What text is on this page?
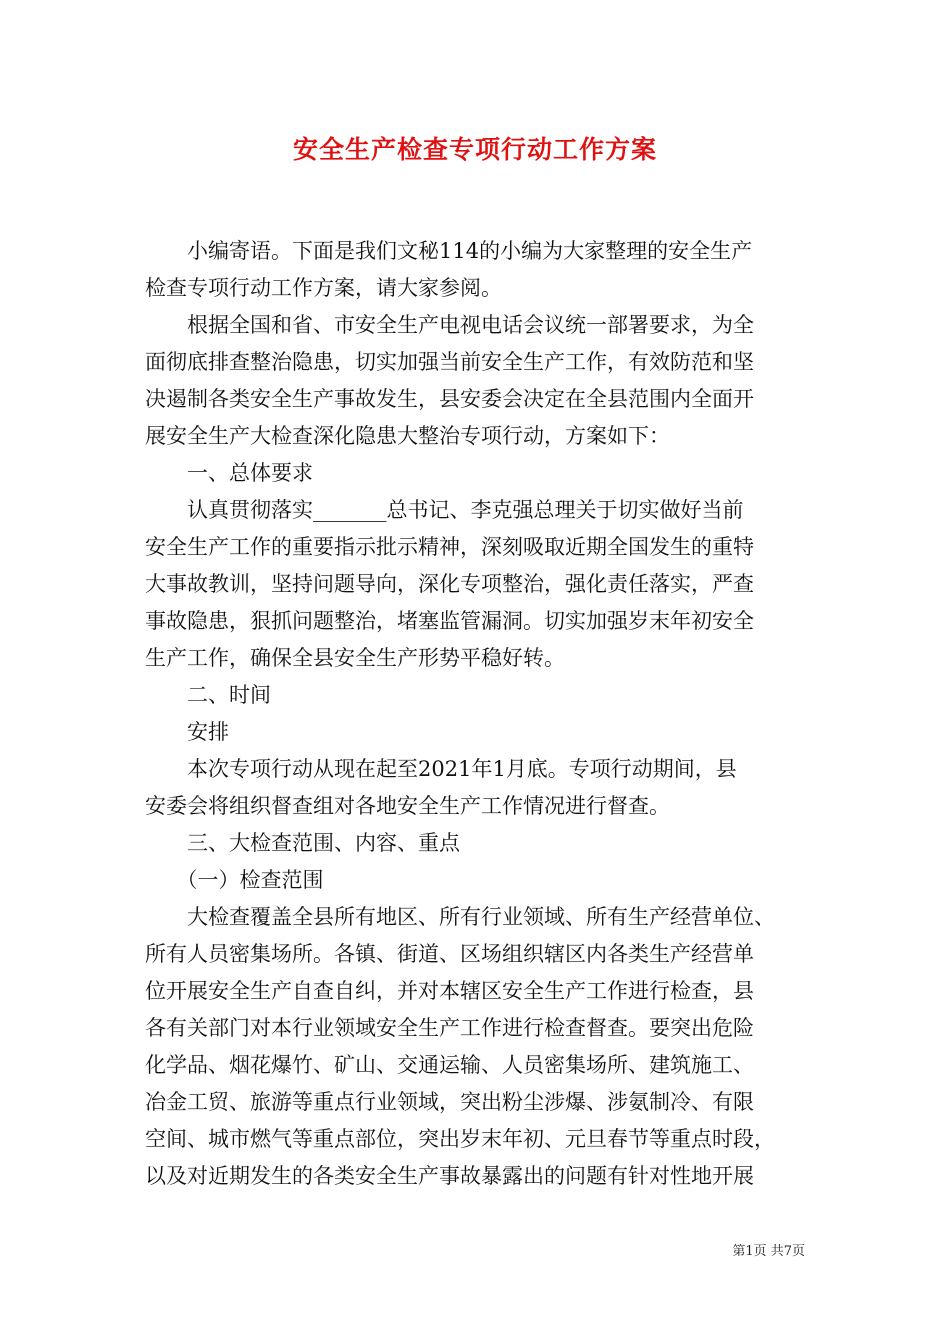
安全生产检查专项行动工作方案
　　小编寄语。下面是我们文秘114的小编为大家整理的安全生产
检查专项行动工作方案，请大家参阅。
　　根据全国和省、市安全生产电视电话会议统一部署要求，为全
面彻底排查整治隐患，切实加强当前安全生产工作，有效防范和坚
决遏制各类安全生产事故发生，县安委会决定在全县范围内全面开
展安全生产大检查深化隐患大整治专项行动，方案如下：
　　一、总体要求
　　认真贯彻落实_______总书记、李克强总理关于切实做好当前
安全生产工作的重要指示批示精神，深刻吸取近期全国发生的重特
大事故教训，坚持问题导向，深化专项整治，强化责任落实，严查
事故隐患，狠抓问题整治，堵塞监管漏洞。切实加强岁末年初安全
生产工作，确保全县安全生产形势平稳好转。
　　二、时间
　　安排
　　本次专项行动从现在起至2021年1月底。专项行动期间，县
安委会将组织督查组对各地安全生产工作情况进行督查。
　　三、大检查范围、内容、重点
　　（一）检查范围
　　大检查覆盖全县所有地区、所有行业领域、所有生产经营单位、
所有人员密集场所。各镇、街道、区场组织辖区内各类生产经营单
位开展安全生产自查自纠，并对本辖区安全生产工作进行检查，县
各有关部门对本行业领域安全生产工作进行检查督查。要突出危险
化学品、烟花爆竹、矿山、交通运输、人员密集场所、建筑施工、
冶金工贸、旅游等重点行业领域，突出粉尘涉爆、涉氨制冷、有限
空间、城市燃气等重点部位，突出岁末年初、元旦春节等重点时段，
以及对近期发生的各类安全生产事故暴露出的问题有针对性地开展
第1页 共7页
